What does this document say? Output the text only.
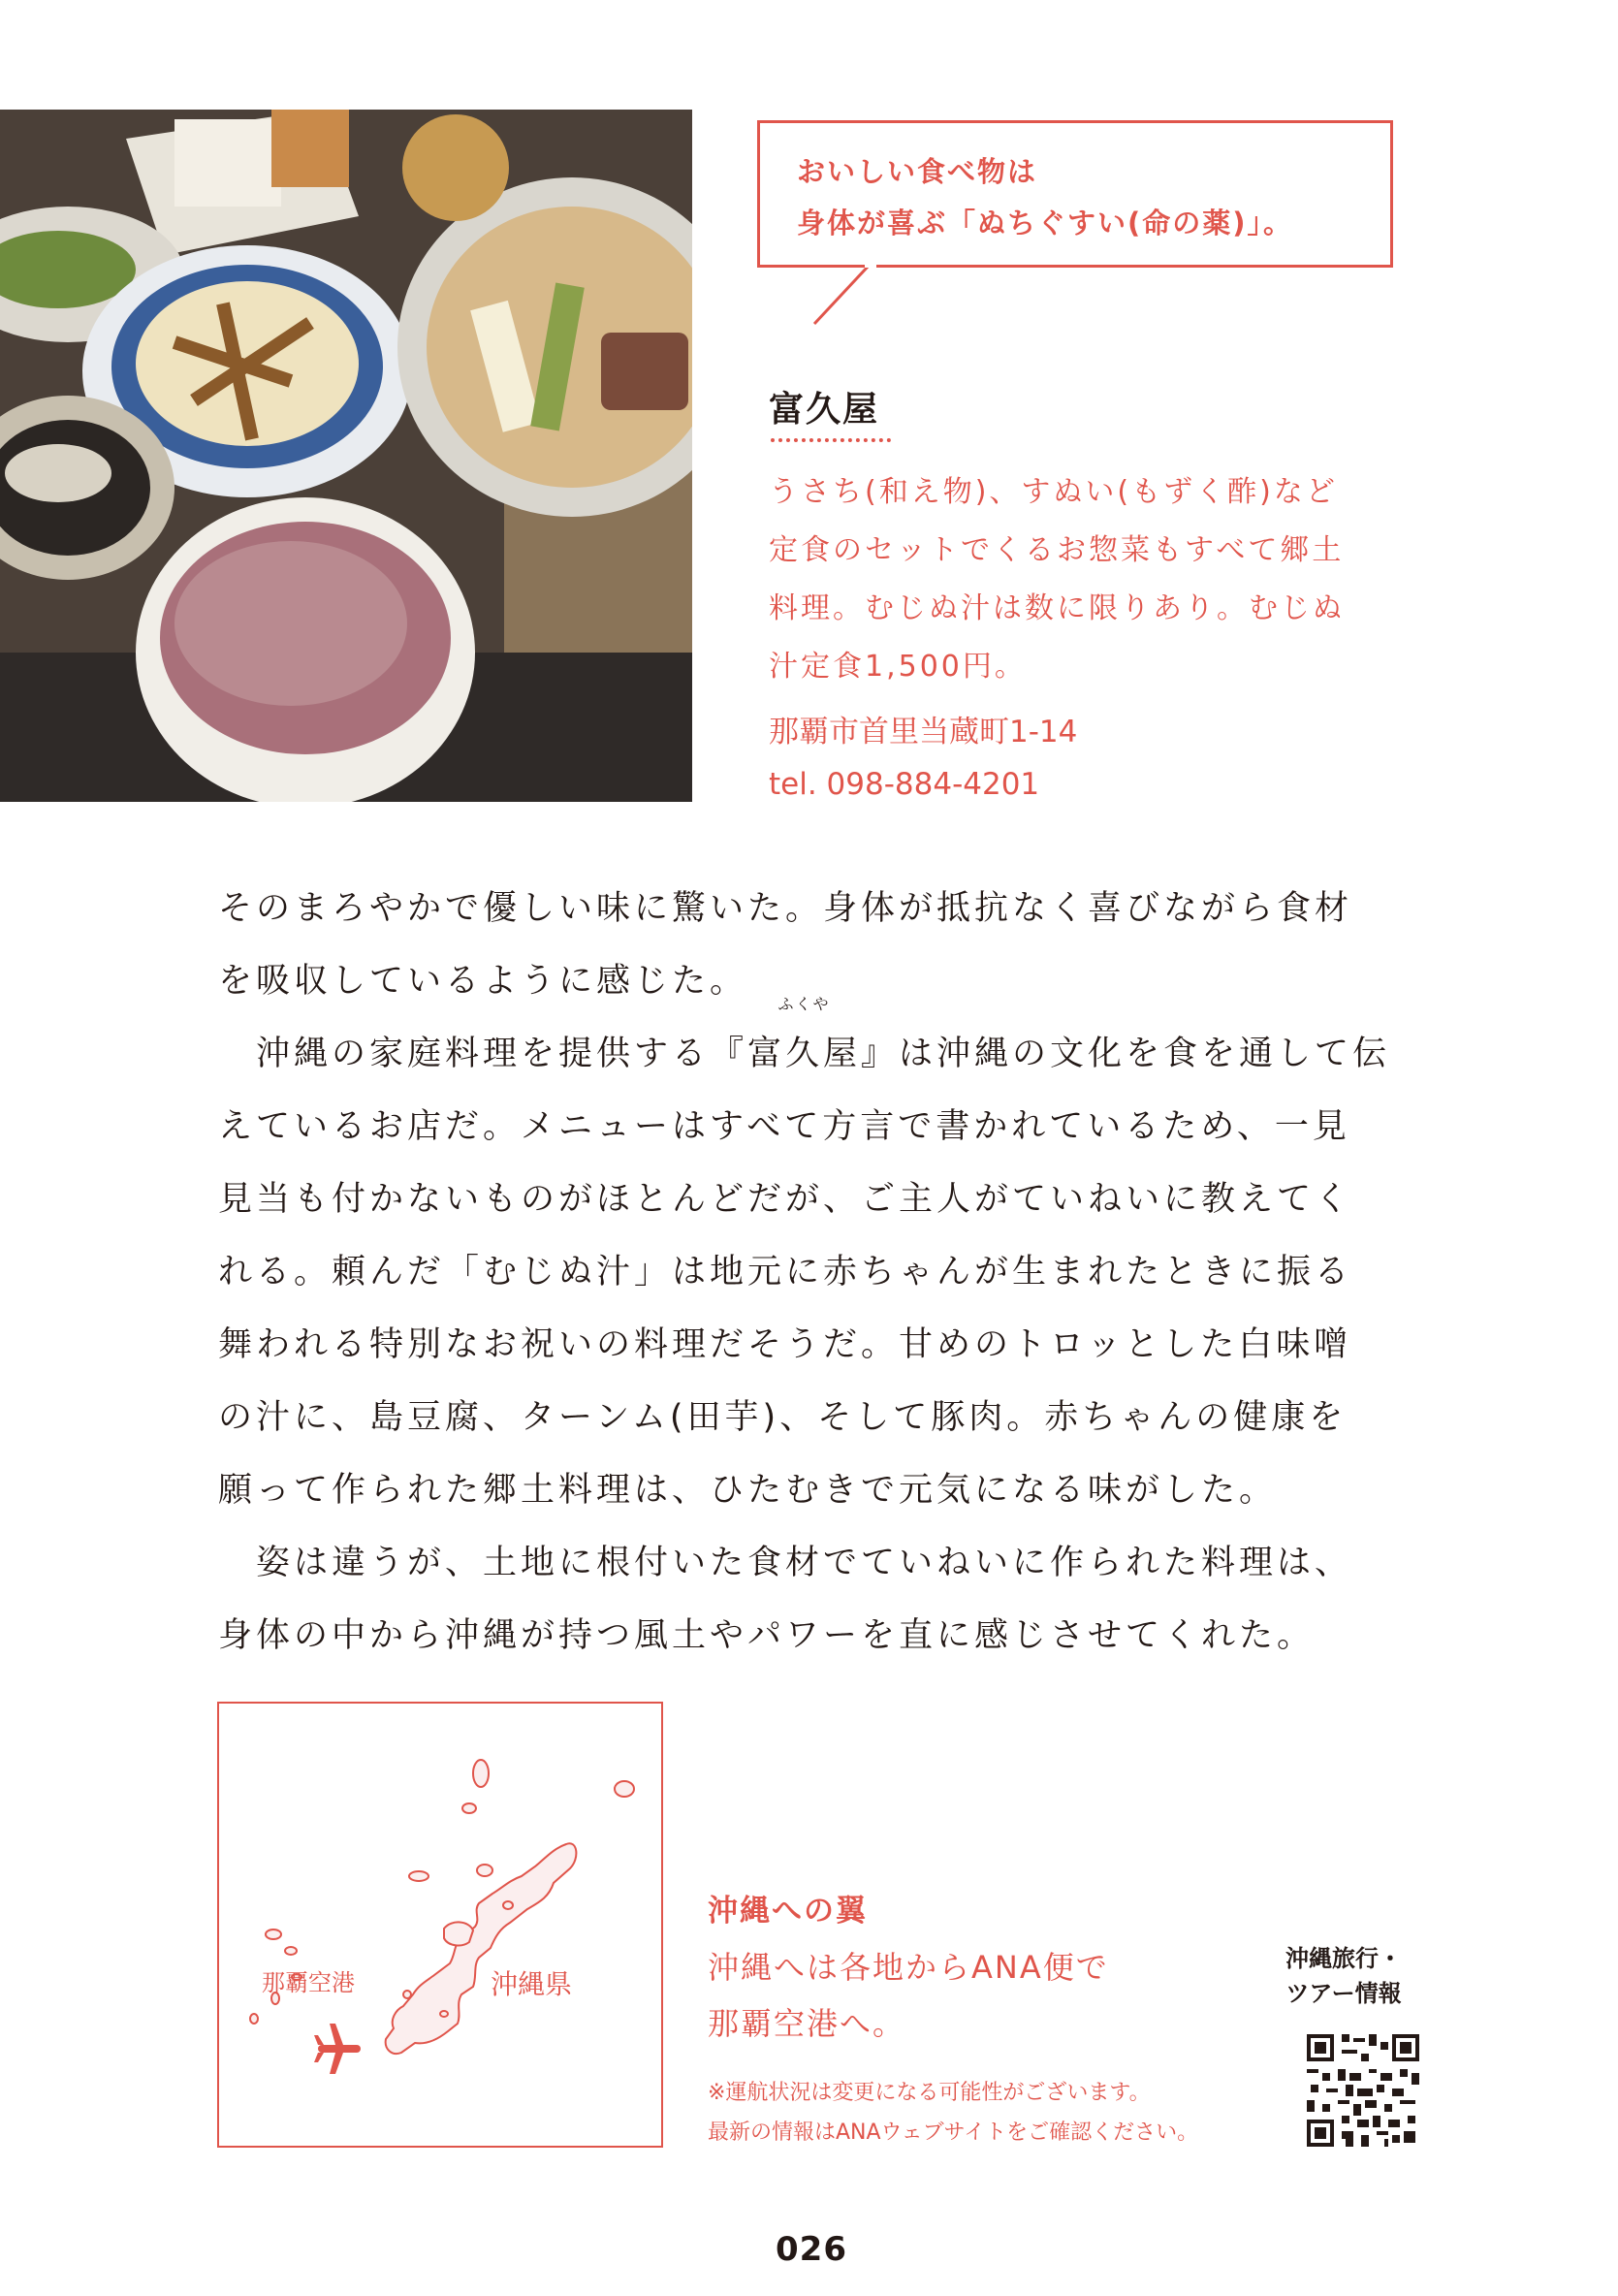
おいしい食べ物は
身体が喜ぶ「ぬちぐすい(命の薬)」。
富久屋
うさち(和え物)、すぬい(もずく酢)など
定食のセットでくるお惣菜もすべて郷土
料理。むじぬ汁は数に限りあり。むじぬ
汁定食1,500円。
那覇市首里当蔵町1-14
tel. 098-884-4201
そのまろやかで優しい味に驚いた。身体が抵抗なく喜びながら食材
を吸収しているように感じた。
　沖縄の家庭料理を提供する『
ふくや
富久屋』は沖縄の文化を食を通して伝
えているお店だ。メニューはすべて方言で書かれているため、一見
見当も付かないものがほとんどだが、ご主人がていねいに教えてく
れる。頼んだ「むじぬ汁」は地元に赤ちゃんが生まれたときに振る
舞われる特別なお祝いの料理だそうだ。甘めのトロッとした白味噌
の汁に、島豆腐、ターンム(田芋)、そして豚肉。赤ちゃんの健康を
願って作られた郷土料理は、ひたむきで元気になる味がした。
　姿は違うが、土地に根付いた食材でていねいに作られた料理は、
身体の中から沖縄が持つ風土やパワーを直に感じさせてくれた。
那覇空港	沖縄県
沖縄への翼
沖縄へは各地からANA便で
那覇空港へ。
※運航状況は変更になる可能性がございます。
最新の情報はANAウェブサイトをご確認ください。
沖縄旅行・
ツアー情報
026
